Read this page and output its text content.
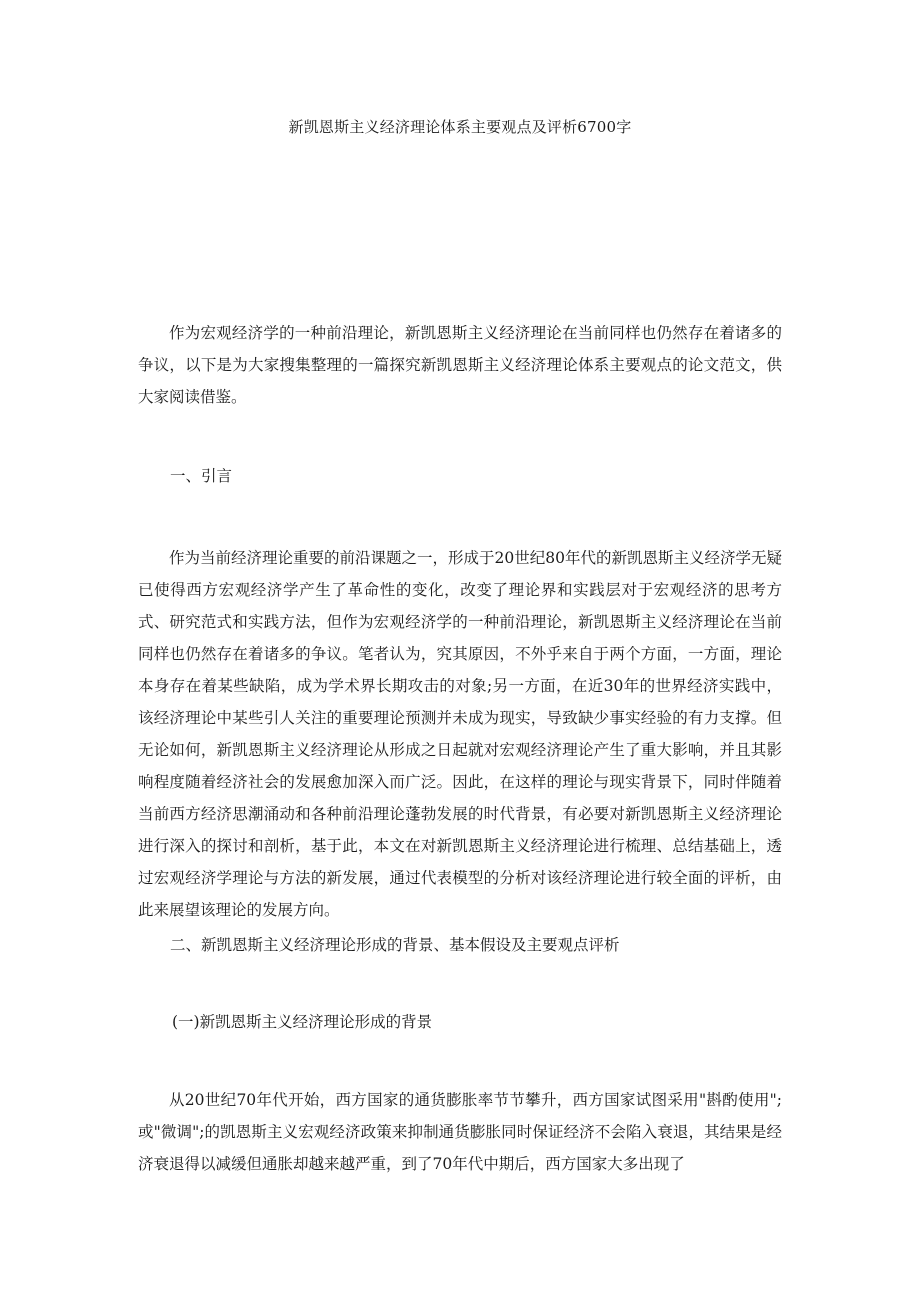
新凯恩斯主义经济理论体系主要观点及评析6700字

作为宏观经济学的一种前沿理论，新凯恩斯主义经济理论在当前同样也仍然存在着诸多的争议，以下是为大家搜集整理的一篇探究新凯恩斯主义经济理论体系主要观点的论文范文，供大家阅读借鉴。

一、引言

作为当前经济理论重要的前沿课题之一，形成于20世纪80年代的新凯恩斯主义经济学无疑已使得西方宏观经济学产生了革命性的变化，改变了理论界和实践层对于宏观经济的思考方式、研究范式和实践方法，但作为宏观经济学的一种前沿理论，新凯恩斯主义经济理论在当前同样也仍然存在着诸多的争议。笔者认为，究其原因，不外乎来自于两个方面，一方面，理论本身存在着某些缺陷，成为学术界长期攻击的对象;另一方面，在近30年的世界经济实践中，该经济理论中某些引人关注的重要理论预测并未成为现实，导致缺少事实经验的有力支撑。但无论如何，新凯恩斯主义经济理论从形成之日起就对宏观经济理论产生了重大影响，并且其影响程度随着经济社会的发展愈加深入而广泛。因此，在这样的理论与现实背景下，同时伴随着当前西方经济思潮涌动和各种前沿理论蓬勃发展的时代背景，有必要对新凯恩斯主义经济理论进行深入的探讨和剖析，基于此，本文在对新凯恩斯主义经济理论进行梳理、总结基础上，透过宏观经济学理论与方法的新发展，通过代表模型的分析对该经济理论进行较全面的评析，由此来展望该理论的发展方向。

二、新凯恩斯主义经济理论形成的背景、基本假设及主要观点评析

(一)新凯恩斯主义经济理论形成的背景

从20世纪70年代开始，西方国家的通货膨胀率节节攀升，西方国家试图采用"斟酌使用";或"微调";的凯恩斯主义宏观经济政策来抑制通货膨胀同时保证经济不会陷入衰退，其结果是经济衰退得以减缓但通胀却越来越严重，到了70年代中期后，西方国家大多出现了
